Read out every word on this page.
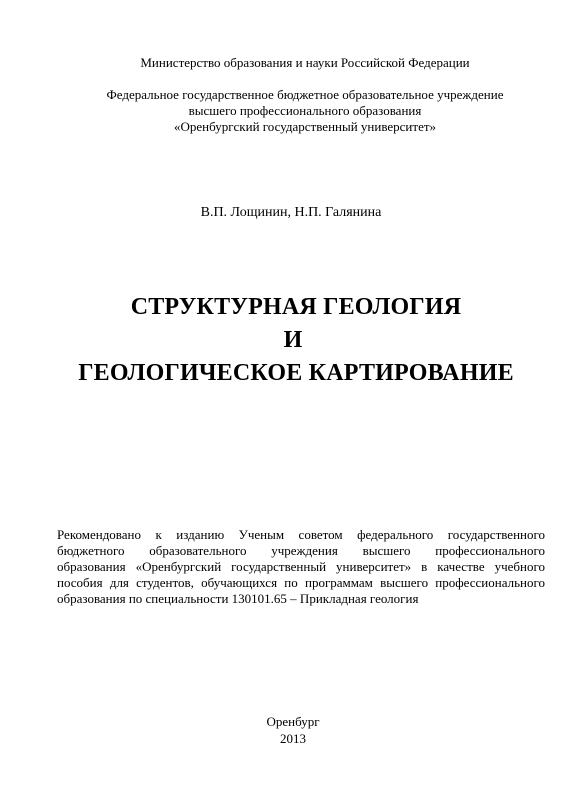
Министерство образования и науки Российской Федерации
Федеральное государственное бюджетное образовательное учреждение
высшего профессионального образования
«Оренбургский государственный университет»
В.П. Лощинин, Н.П. Галянина
СТРУКТУРНАЯ ГЕОЛОГИЯ
И
ГЕОЛОГИЧЕСКОЕ КАРТИРОВАНИЕ
Рекомендовано к изданию Ученым советом федерального государственного
бюджетного образовательного учреждения высшего профессионального
образования «Оренбургский государственный университет» в качестве учебного
пособия для студентов, обучающихся по программам высшего профессионального
образования по специальности 130101.65 – Прикладная геология
Оренбург
2013
